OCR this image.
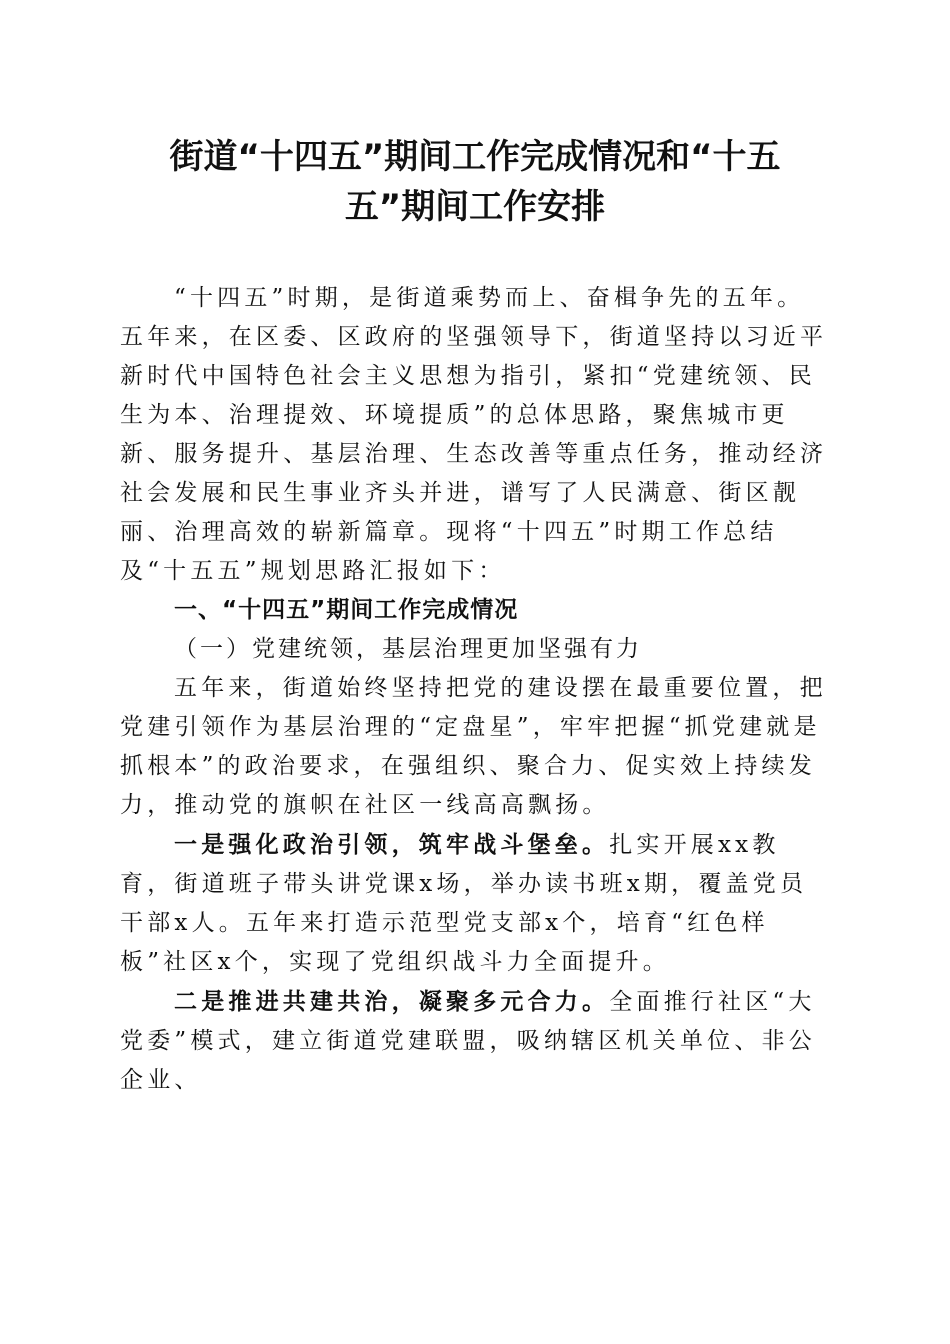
街道“十四五”期间工作完成情况和“十五
五”期间工作安排

“十四五”时期，是街道乘势而上、奋楫争先的五年。五年来，在区委、区政府的坚强领导下，街道坚持以习近平新时代中国特色社会主义思想为指引，紧扣“党建统领、民生为本、治理提效、环境提质”的总体思路，聚焦城市更新、服务提升、基层治理、生态改善等重点任务，推动经济社会发展和民生事业齐头并进，谱写了人民满意、街区靓丽、治理高效的崭新篇章。现将“十四五”时期工作总结及“十五五”规划思路汇报如下：

一、“十四五”期间工作完成情况

（一）党建统领，基层治理更加坚强有力

五年来，街道始终坚持把党的建设摆在最重要位置，把党建引领作为基层治理的“定盘星”，牢牢把握“抓党建就是抓根本”的政治要求，在强组织、聚合力、促实效上持续发力，推动党的旗帜在社区一线高高飘扬。

一是强化政治引领，筑牢战斗堡垒。扎实开展xx教育，街道班子带头讲党课x场，举办读书班x期，覆盖党员干部x人。五年来打造示范型党支部x个，培育“红色样板”社区x个，实现了党组织战斗力全面提升。

二是推进共建共治，凝聚多元合力。全面推行社区“大党委”模式，建立街道党建联盟，吸纳辖区机关单位、非公企业、
